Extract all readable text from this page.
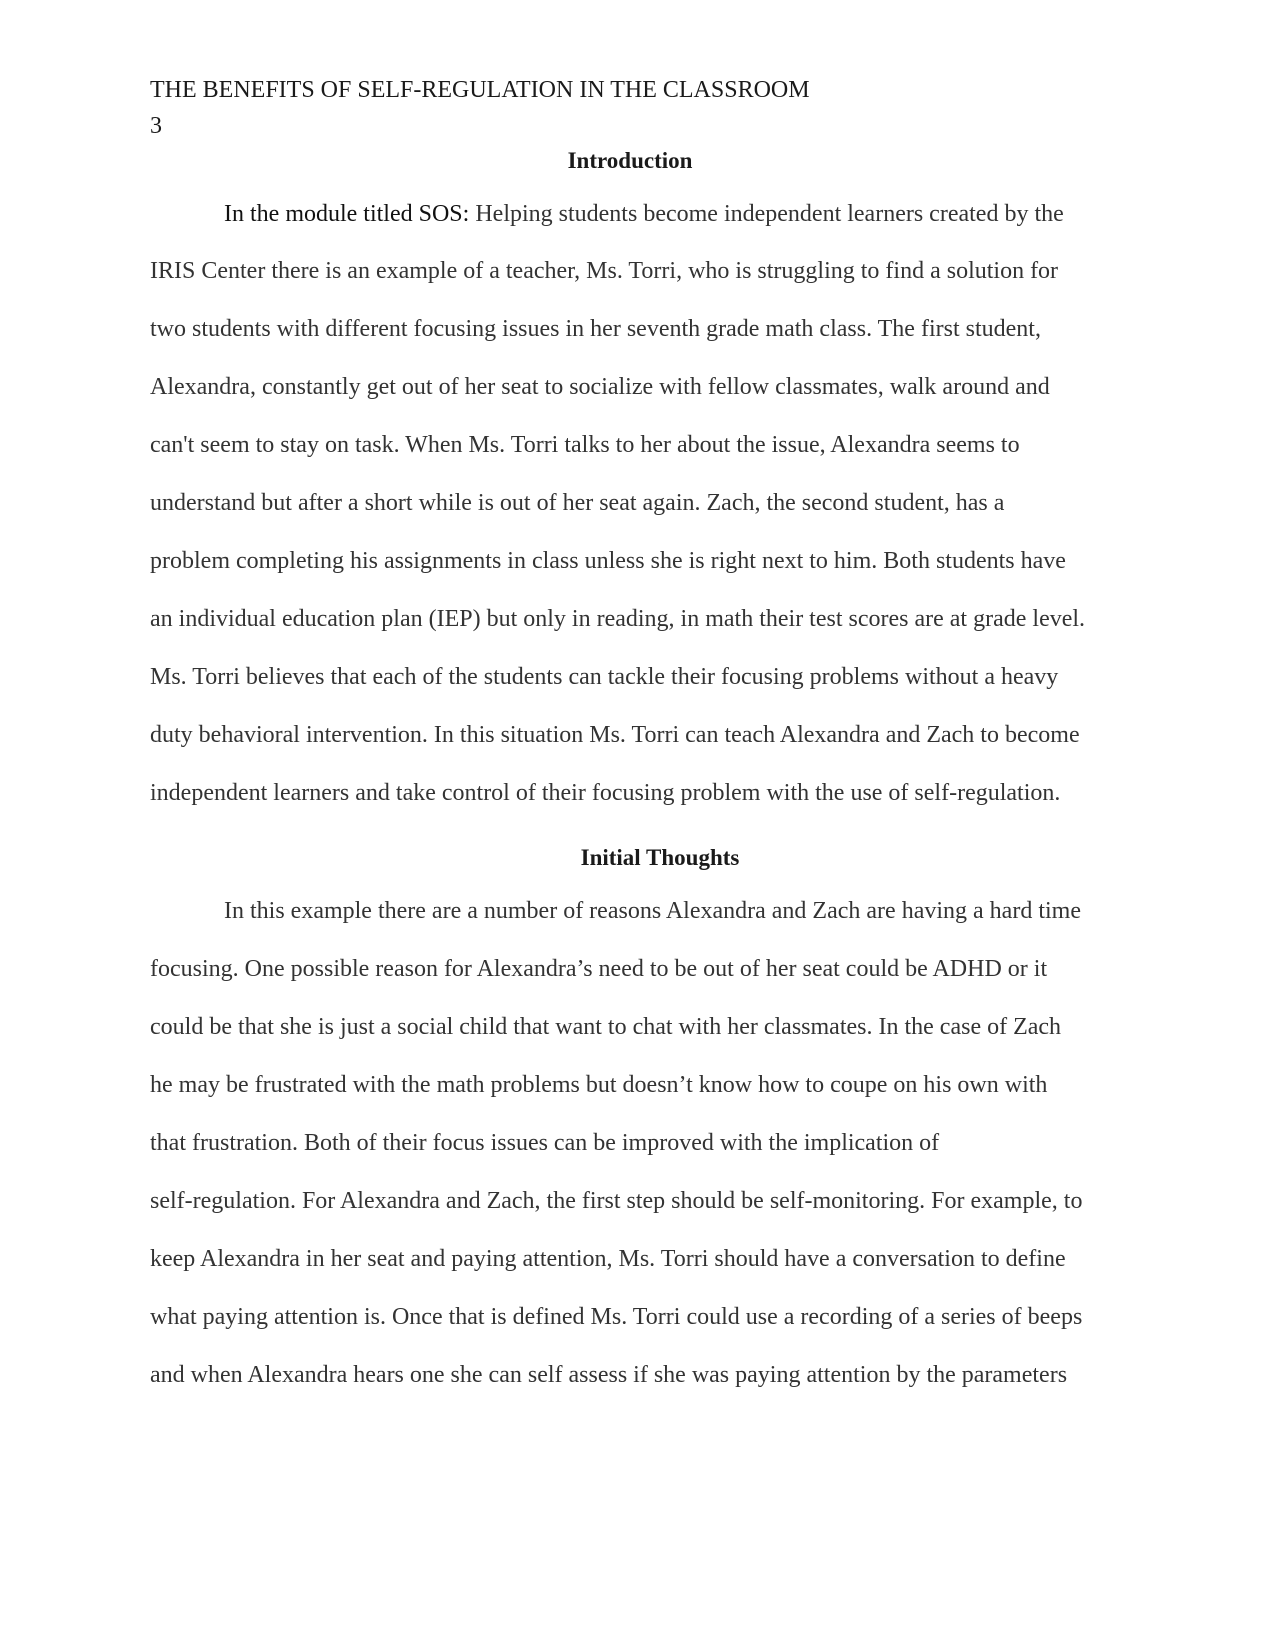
THE BENEFITS OF SELF-REGULATION IN THE CLASSROOM
3
Introduction
In the module titled SOS: Helping students become independent learners created by the
IRIS Center there is an example of a teacher, Ms. Torri, who is struggling to find a solution for
two students with different focusing issues in her seventh grade math class. The first student,
Alexandra, constantly get out of her seat to socialize with fellow classmates, walk around and
can't seem to stay on task. When Ms. Torri talks to her about the issue, Alexandra seems to
understand but after a short while is out of her seat again. Zach, the second student, has a
problem completing his assignments in class unless she is right next to him. Both students have
an individual education plan (IEP) but only in reading, in math their test scores are at grade level.
Ms. Torri believes that each of the students can tackle their focusing problems without a heavy
duty behavioral intervention. In this situation Ms. Torri can teach Alexandra and Zach to become
independent learners and take control of their focusing problem with the use of self-regulation.
Initial Thoughts
In this example there are a number of reasons Alexandra and Zach are having a hard time
focusing. One possible reason for Alexandra’s need to be out of her seat could be ADHD or it
could be that she is just a social child that want to chat with her classmates. In the case of Zach
he may be frustrated with the math problems but doesn’t know how to coupe on his own with
that frustration. Both of their focus issues can be improved with the implication of
self-regulation. For Alexandra and Zach, the first step should be self-monitoring. For example, to
keep Alexandra in her seat and paying attention, Ms. Torri should have a conversation to define
what paying attention is. Once that is defined Ms. Torri could use a recording of a series of beeps
and when Alexandra hears one she can self assess if she was paying attention by the parameters
